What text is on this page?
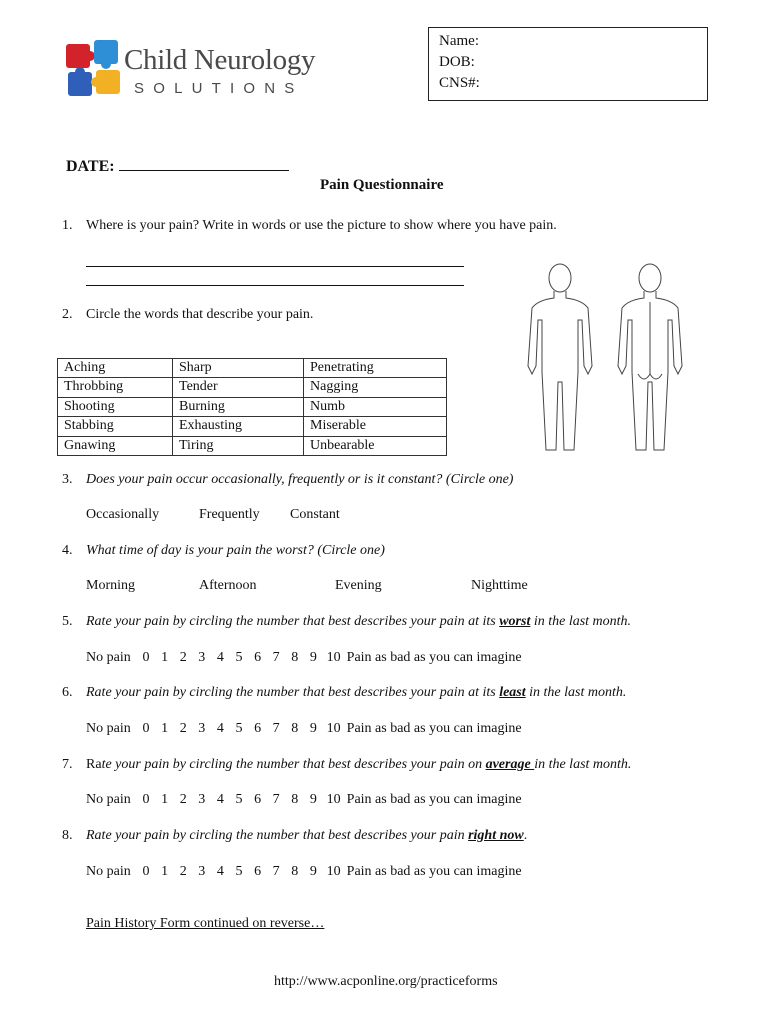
Child Neurology
SOLUTIONS
Name:
DOB:
CNS#:
DATE:
Pain Questionnaire
1. Where is your pain? Write in words or use the picture to show where you have pain.
2. Circle the words that describe your pain.
Aching	Sharp	Penetrating
Throbbing	Tender	Nagging
Shooting	Burning	Numb
Stabbing	Exhausting	Miserable
Gnawing	Tiring	Unbearable
3. Does your pain occur occasionally, frequently or is it constant? (Circle one)
Occasionally	Frequently Constant
4. What time of day is your pain the worst? (Circle one)
Morning	Afternoon	Evening	Nighttime
5. Rate your pain by circling the number that best describes your pain at its worst in the last month.
No pain 0 1 2 3 4 5 6 7 8 9 10 Pain as bad as you can imagine
6. Rate your pain by circling the number that best describes your pain at its least in the last month.
No pain 0 1 2 3 4 5 6 7 8 9 10 Pain as bad as you can imagine
7. Rate your pain by circling the number that best describes your pain on average in the last month.
No pain 0 1 2 3 4 5 6 7 8 9 10 Pain as bad as you can imagine
8. Rate your pain by circling the number that best describes your pain right now.
No pain 0 1 2 3 4 5 6 7 8 9 10 Pain as bad as you can imagine
Pain History Form continued on reverse…
http://www.acponline.org/practiceforms
